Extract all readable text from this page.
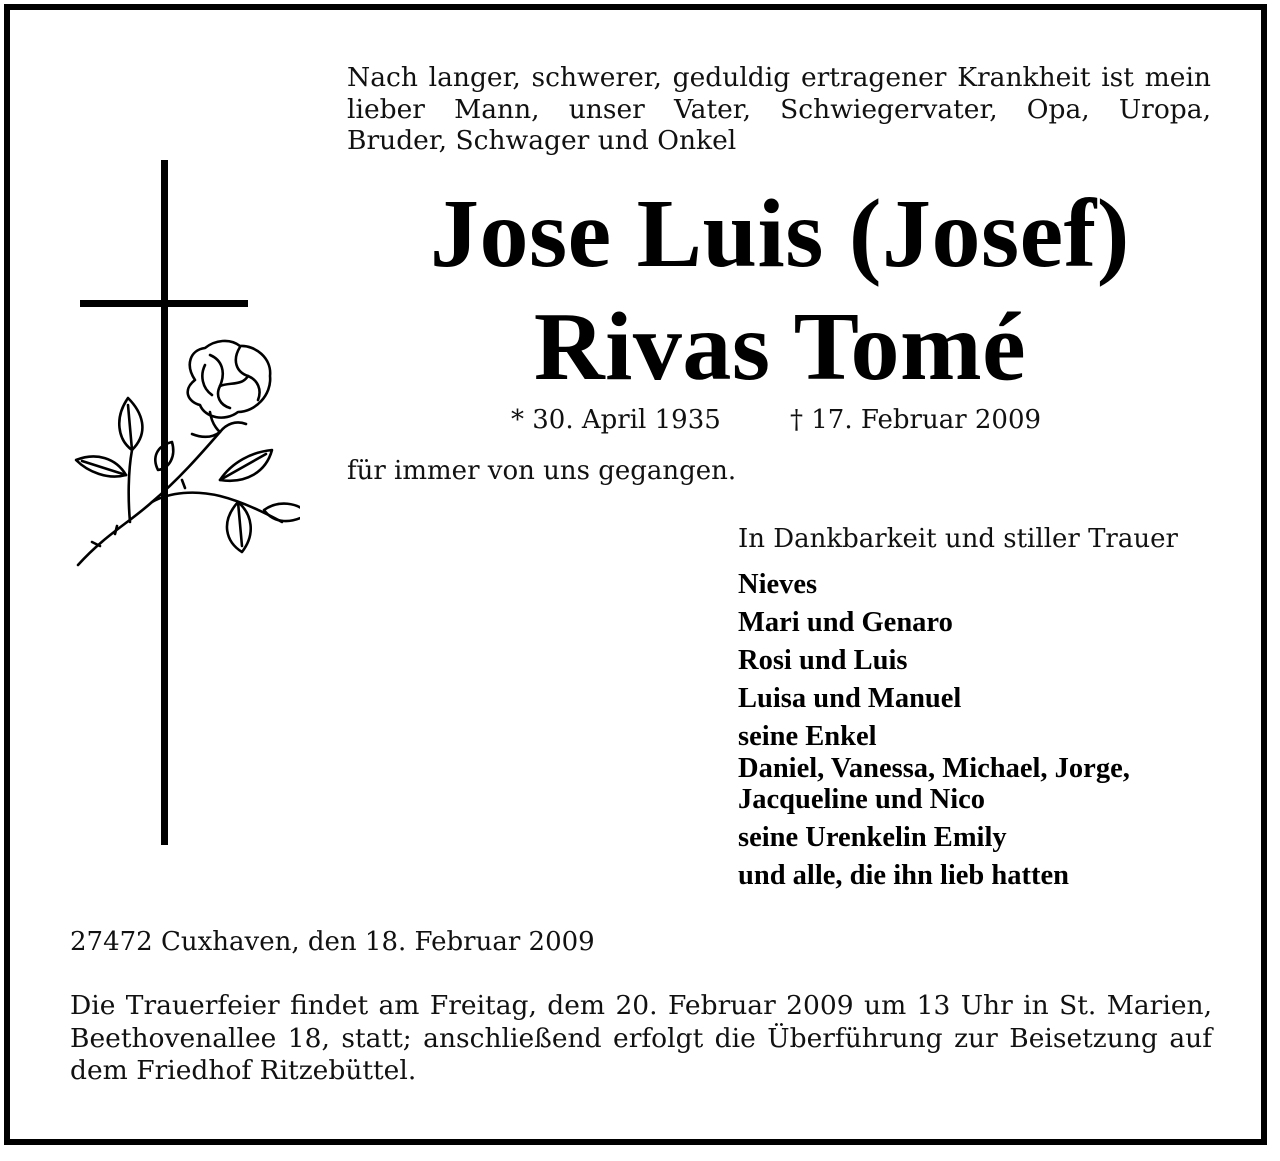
Nach langer, schwerer, geduldig ertragener Krankheit ist mein
lieber Mann, unser Vater, Schwiegervater, Opa, Uropa,
Bruder, Schwager und Onkel
Jose Luis (Josef)
Rivas Tomé
* 30. April 1935	† 17. Februar 2009
für immer von uns gegangen.
In Dankbarkeit und stiller Trauer
Nieves
Mari und Genaro
Rosi und Luis
Luisa und Manuel
seine Enkel
Daniel, Vanessa, Michael, Jorge,
Jacqueline und Nico
seine Urenkelin Emily
und alle, die ihn lieb hatten
27472 Cuxhaven, den 18. Februar 2009
Die Trauerfeier findet am Freitag, dem 20. Februar 2009 um 13 Uhr in St. Marien,
Beethovenallee 18, statt; anschließend erfolgt die Überführung zur Beisetzung auf
dem Friedhof Ritzebüttel.
